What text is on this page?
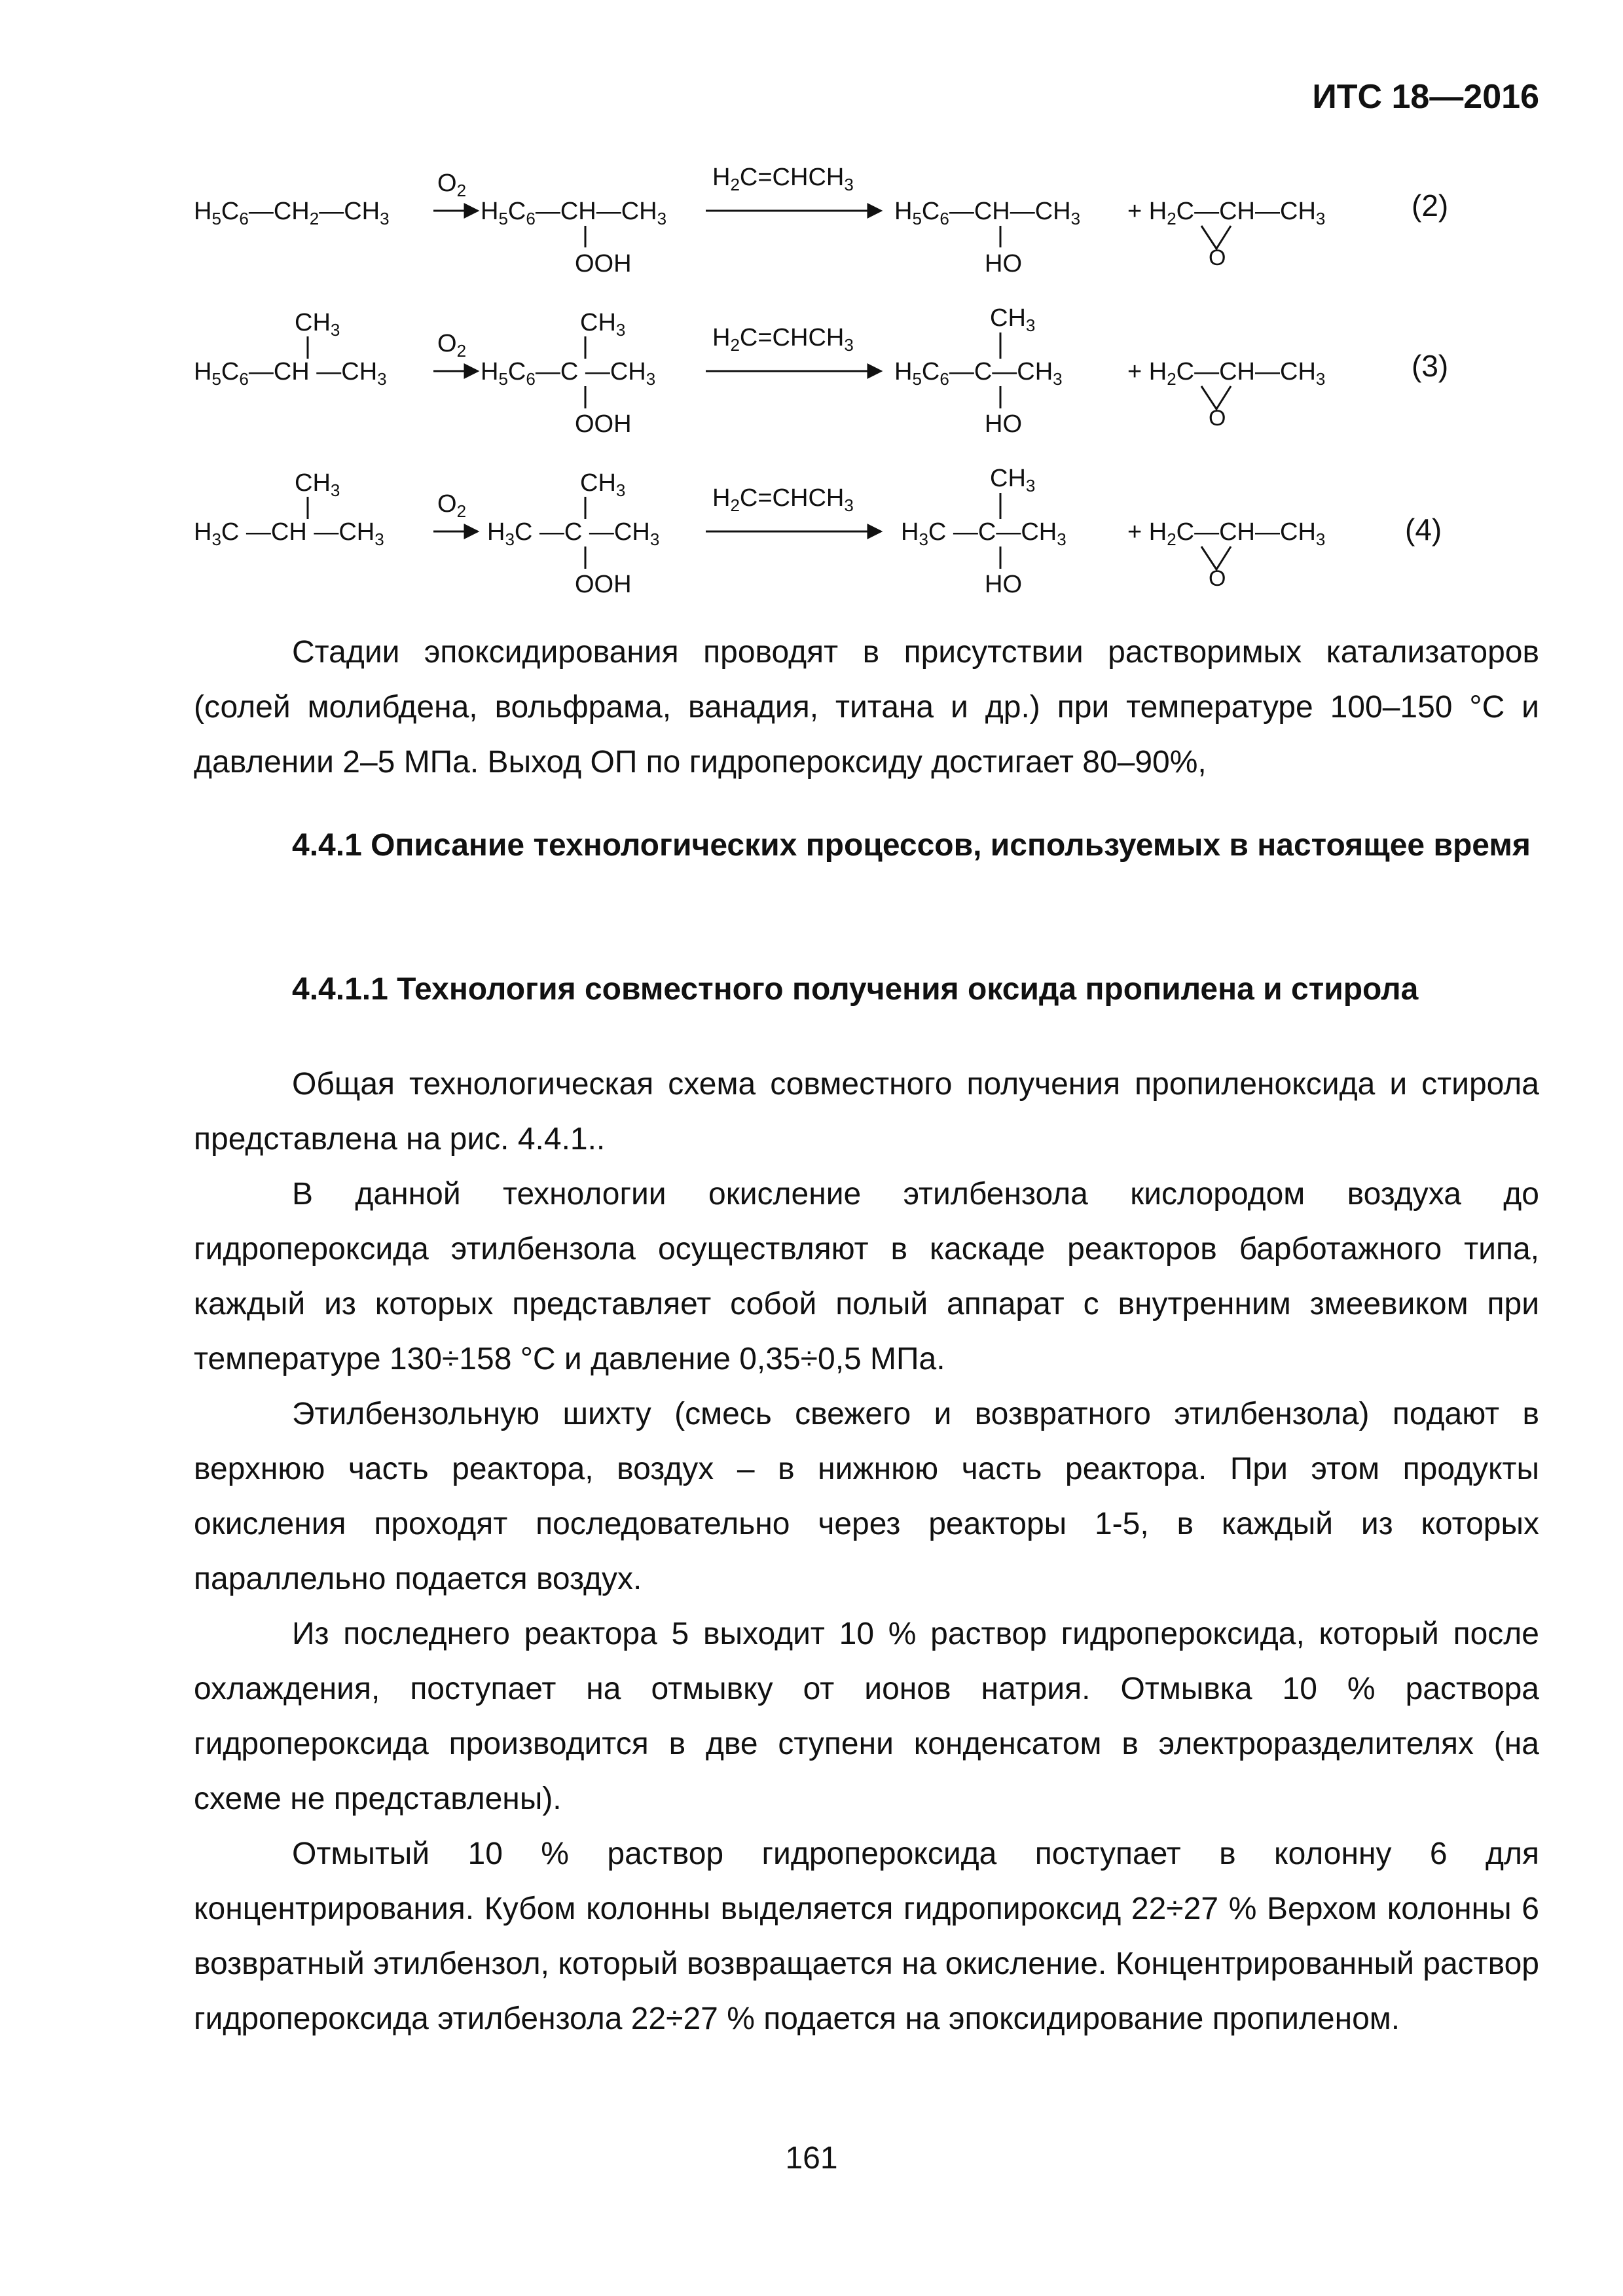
ИТС 18—2016
$H_5C_6—CH_2—CH_3$
$O_2$
$H_5C_6—CH—CH_3$
OOH
$H_2C=CHCH_3$
$H_5C_6—CH—CH_3$
HO
+ $H_2C—CH—CH_3$
O
(2)
$CH_3$
$H_5C_6—CH$ $—CH_3$
$O_2$
$CH_3$
$H_5C_6—C$ $—CH_3$
OOH
$H_2C=CHCH_3$
$CH_3$
$H_5C_6—C—CH_3$
HO
+ $H_2C—CH—CH_3$
O
(3)
$CH_3$
$H_3C$ —CH $—CH_3$
$O_2$
$CH_3$
$H_3C$ —C $—CH_3$
OOH
$H_2C=CHCH_3$
$CH_3$
$H_3C$ $—C—CH_3$
HO
+ $H_2C—CH—CH_3$
O
(4)

Стадии эпоксидирования проводят в присутствии растворимых катализаторов (солей молибдена, вольфрама, ванадия, титана и др.) при температуре 100–150 °С и давлении 2–5 МПа. Выход ОП по гидропероксиду достигает 80–90%,

4.4.1 Описание технологических процессов, используемых в настоящее время

4.4.1.1 Технология совместного получения оксида пропилена и стирола

Общая технологическая схема совместного получения пропиленоксида и стирола представлена на рис. 4.4.1..

В данной технологии окисление этилбензола кислородом воздуха до гидропероксида этилбензола осуществляют в каскаде реакторов барботажного типа, каждый из которых представляет собой полый аппарат с внутренним змеевиком при температуре 130÷158 °С и давление 0,35÷0,5 МПа.

Этилбензольную шихту (смесь свежего и возвратного этилбензола) подают в верхнюю часть реактора, воздух – в нижнюю часть реактора. При этом продукты окисления проходят последовательно через реакторы 1-5, в каждый из которых параллельно подается воздух.

Из последнего реактора 5 выходит 10 % раствор гидропероксида, который после охлаждения, поступает на отмывку от ионов натрия. Отмывка 10 % раствора гидропероксида производится в две ступени конденсатом в электроразделителях (на схеме не представлены).

Отмытый 10 % раствор гидропероксида поступает в колонну 6 для концентрирования. Кубом колонны выделяется гидропироксид 22÷27 % Верхом колонны 6 возвратный этилбензол, который возвращается на окисление. Концентрированный раствор гидропероксида этилбензола 22÷27 % подается на эпоксидирование пропиленом.

161
